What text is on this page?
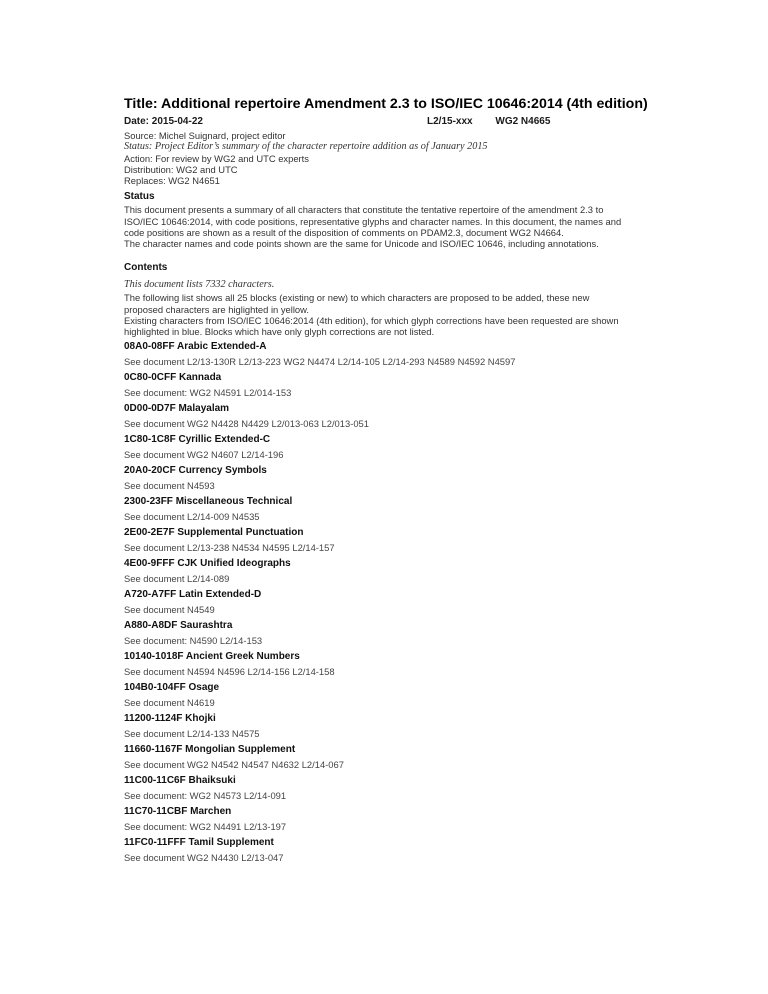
Title: Additional repertoire Amendment 2.3 to ISO/IEC 10646:2014 (4th edition)
Date: 2015-04-22	L2/15-xxx WG2 N4665
Source: Michel Suignard, project editor
Status: Project Editor’s summary of the character repertoire addition as of January 2015
Action: For review by WG2 and UTC experts
Distribution: WG2 and UTC
Replaces: WG2 N4651
Status
This document presents a summary of all characters that constitute the tentative repertoire of the amendment 2.3 to
ISO/IEC 10646:2014, with code positions, representative glyphs and character names. In this document, the names and
code positions are shown as a result of the disposition of comments on PDAM2.3, document WG2 N4664.
The character names and code points shown are the same for Unicode and ISO/IEC 10646, including annotations.
Contents
This document lists 7332 characters.
The following list shows all 25 blocks (existing or new) to which characters are proposed to be added, these new
proposed characters are higlighted in yellow.
Existing characters from ISO/IEC 10646:2014 (4th edition), for which glyph corrections have been requested are shown
highlighted in blue. Blocks which have only glyph corrections are not listed.
08A0-08FF Arabic Extended-A
See document L2/13-130R L2/13-223 WG2 N4474 L2/14-105 L2/14-293 N4589 N4592 N4597
0C80-0CFF Kannada
See document: WG2 N4591 L2/014-153
0D00-0D7F Malayalam
See document WG2 N4428 N4429 L2/013-063 L2/013-051
1C80-1C8F Cyrillic Extended-C
See document WG2 N4607 L2/14-196
20A0-20CF Currency Symbols
See document N4593
2300-23FF Miscellaneous Technical
See document L2/14-009 N4535
2E00-2E7F Supplemental Punctuation
See document L2/13-238 N4534 N4595 L2/14-157
4E00-9FFF CJK Unified Ideographs
See document L2/14-089
A720-A7FF Latin Extended-D
See document N4549
A880-A8DF Saurashtra
See document: N4590 L2/14-153
10140-1018F Ancient Greek Numbers
See document N4594 N4596 L2/14-156 L2/14-158
104B0-104FF Osage
See document N4619
11200-1124F Khojki
See document L2/14-133 N4575
11660-1167F Mongolian Supplement
See document WG2 N4542 N4547 N4632 L2/14-067
11C00-11C6F Bhaiksuki
See document: WG2 N4573 L2/14-091
11C70-11CBF Marchen
See document: WG2 N4491 L2/13-197
11FC0-11FFF Tamil Supplement
See document WG2 N4430 L2/13-047
